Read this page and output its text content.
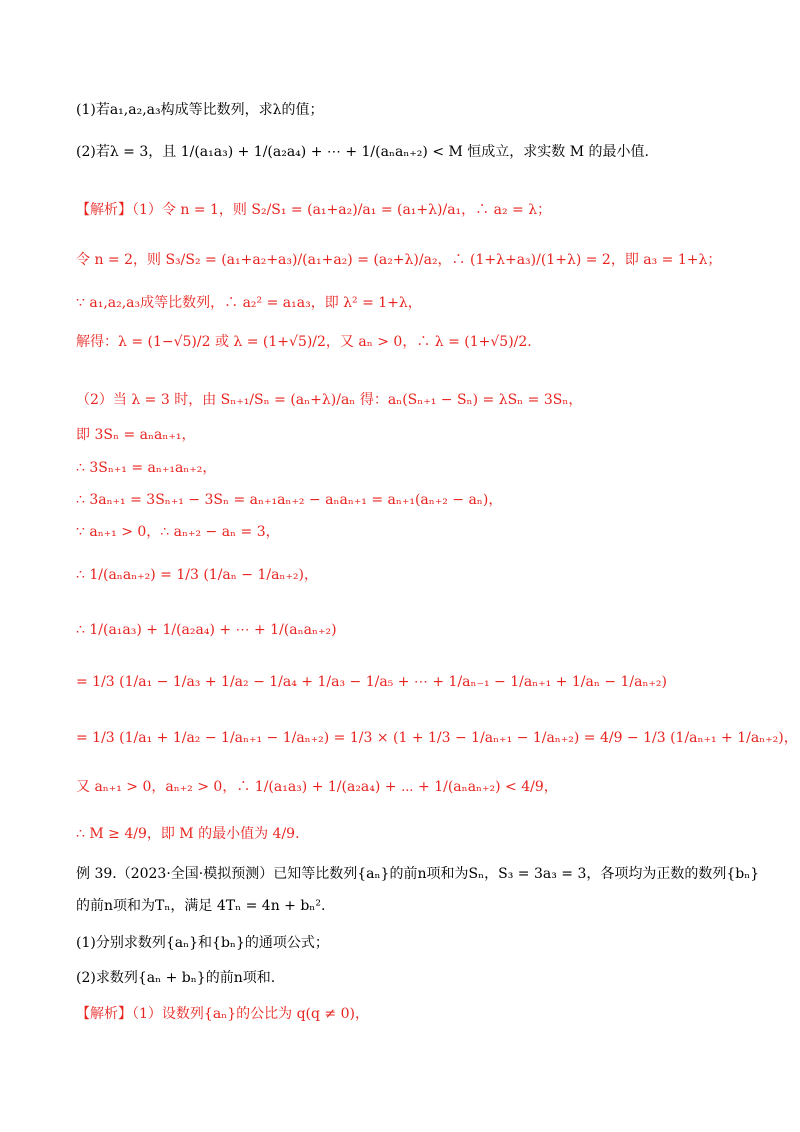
(1)若a₁,a₂,a₃构成等比数列，求λ的值；
(2)若λ = 3，且 1/(a₁a₃) + 1/(a₂a₄) + ⋯ + 1/(aₙaₙ₊₂) < M 恒成立，求实数 M 的最小值.
【解析】（1）令 n = 1，则 S₂/S₁ = (a₁+a₂)/a₁ = (a₁+λ)/a₁，∴ a₂ = λ；
令 n = 2，则 S₃/S₂ = (a₁+a₂+a₃)/(a₁+a₂) = (a₂+λ)/a₂，∴ (1+λ+a₃)/(1+λ) = 2，即 a₃ = 1+λ；
∵ a₁,a₂,a₃成等比数列，∴ a₂² = a₁a₃，即 λ² = 1+λ，
解得：λ = (1−√5)/2 或 λ = (1+√5)/2，又 aₙ > 0，∴ λ = (1+√5)/2.
（2）当 λ = 3 时，由 Sₙ₊₁/Sₙ = (aₙ+λ)/aₙ 得：aₙ(Sₙ₊₁ − Sₙ) = λSₙ = 3Sₙ，
即 3Sₙ = aₙaₙ₊₁，
∴ 3Sₙ₊₁ = aₙ₊₁aₙ₊₂，
∴ 3aₙ₊₁ = 3Sₙ₊₁ − 3Sₙ = aₙ₊₁aₙ₊₂ − aₙaₙ₊₁ = aₙ₊₁(aₙ₊₂ − aₙ)，
∵ aₙ₊₁ > 0，∴ aₙ₊₂ − aₙ = 3，
∴ 1/(aₙaₙ₊₂) = 1/3 (1/aₙ − 1/aₙ₊₂)，
∴ 1/(a₁a₃) + 1/(a₂a₄) + ⋯ + 1/(aₙaₙ₊₂)
= 1/3 (1/a₁ − 1/a₃ + 1/a₂ − 1/a₄ + 1/a₃ − 1/a₅ + ⋯ + 1/aₙ₋₁ − 1/aₙ₊₁ + 1/aₙ − 1/aₙ₊₂)
= 1/3 (1/a₁ + 1/a₂ − 1/aₙ₊₁ − 1/aₙ₊₂) = 1/3 × (1 + 1/3 − 1/aₙ₊₁ − 1/aₙ₊₂) = 4/9 − 1/3 (1/aₙ₊₁ + 1/aₙ₊₂)，
又 aₙ₊₁ > 0，aₙ₊₂ > 0，∴ 1/(a₁a₃) + 1/(a₂a₄) + ⋯ + 1/(aₙaₙ₊₂) < 4/9，
∴ M ≥ 4/9，即 M 的最小值为 4/9.
例 39.（2023·全国·模拟预测）已知等比数列{aₙ}的前n项和为Sₙ，S₃ = 3a₃ = 3，各项均为正数的数列{bₙ}
的前n项和为Tₙ，满足 4Tₙ = 4n + bₙ².
(1)分别求数列{aₙ}和{bₙ}的通项公式；
(2)求数列{aₙ + bₙ}的前n项和.
【解析】（1）设数列{aₙ}的公比为 q(q ≠ 0)，
